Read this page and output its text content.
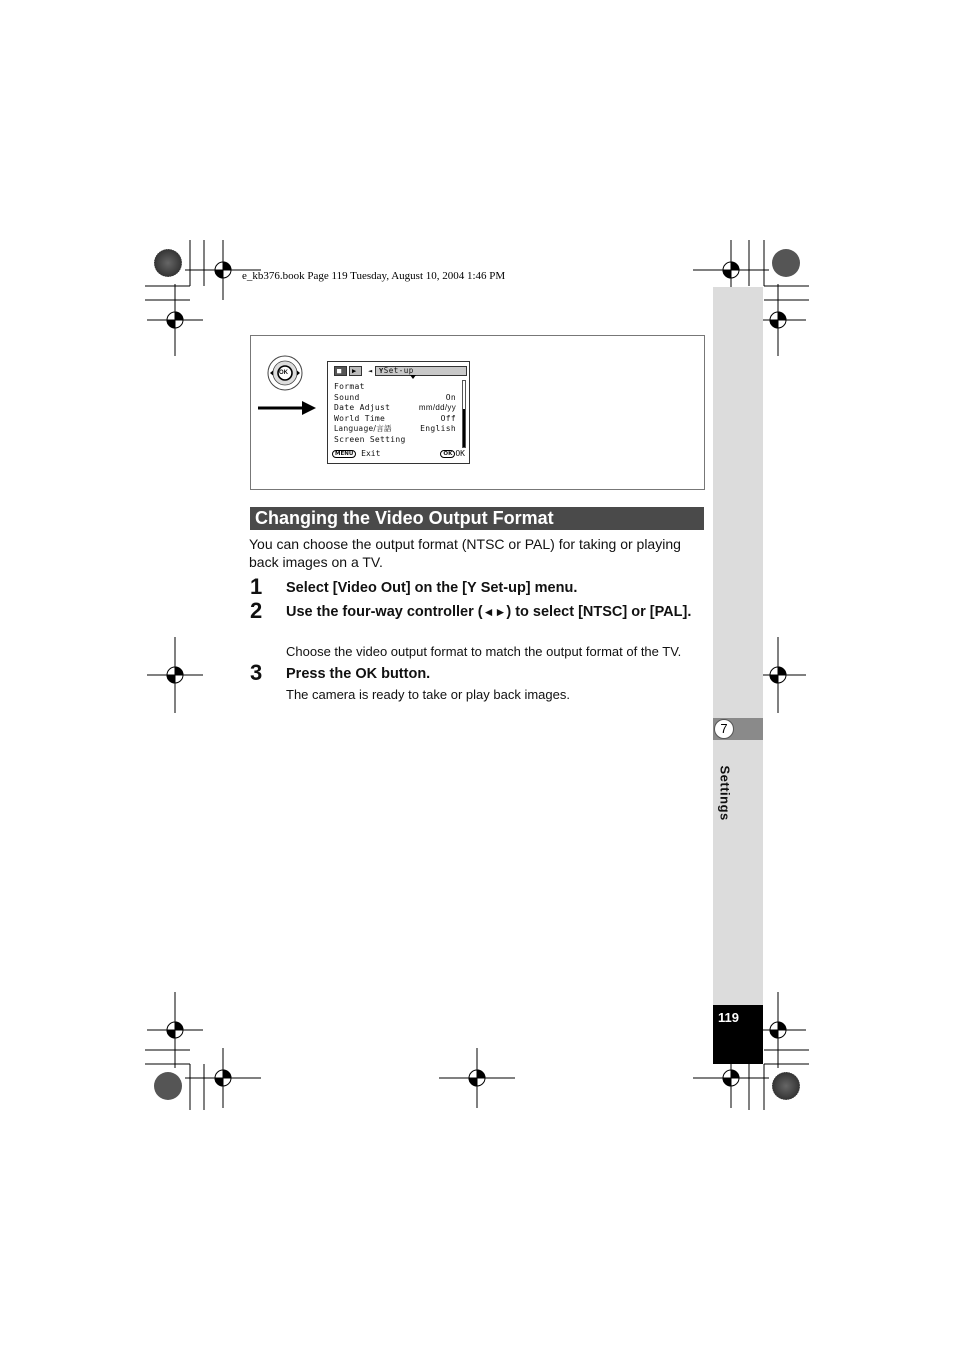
e_kb376.book Page 119 Tuesday, August 10, 2004 1:46 PM
7
Settings
119
OK	■ ▶ ◄ YSet-up
Format
Sound	On
Date Adjust	mm/dd/yy
World Time	Off
Language/言語	English
Screen Setting
MENU Exit	OK OK
Changing the Video Output Format
You can choose the output format (NTSC or PAL) for taking or playing back images on a TV.
1 Select [Video Out] on the [Y Set-up] menu.
2 Use the four-way controller (◄►) to select [NTSC] or [PAL].
Choose the video output format to match the output format of the TV.
3 Press the OK button.
The camera is ready to take or play back images.
